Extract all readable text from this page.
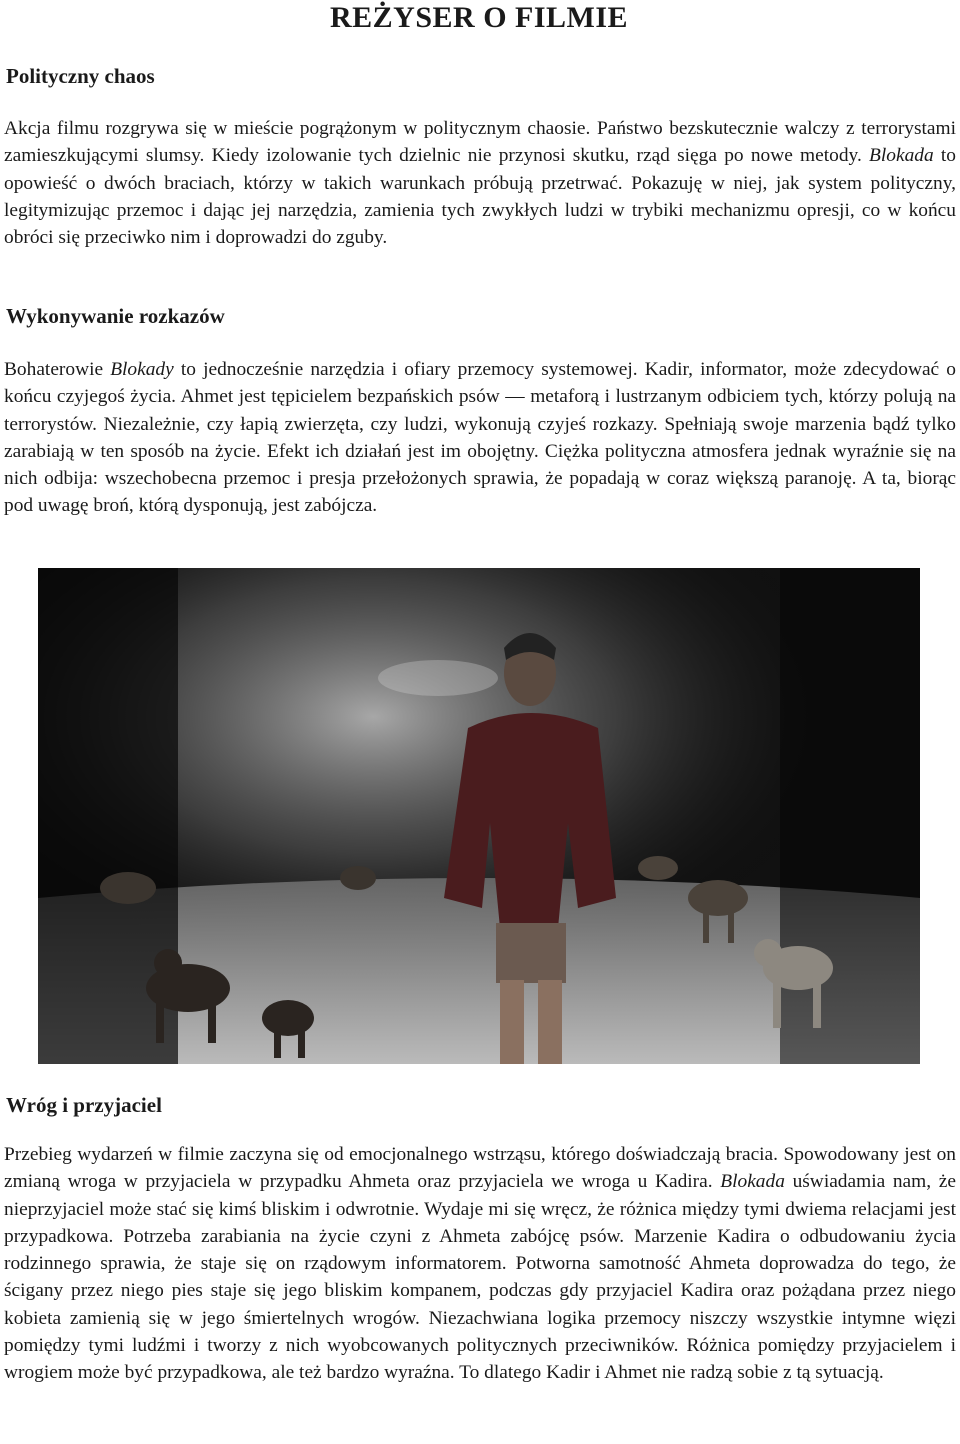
REŻYSER O FILMIE
Polityczny chaos

Akcja filmu rozgrywa się w mieście pogrążonym w politycznym chaosie. Państwo bezskutecznie walczy z terrorystami zamieszkującymi slumsy. Kiedy izolowanie tych dzielnic nie przynosi skutku, rząd sięga po nowe metody. Blokada to opowieść o dwóch braciach, którzy w takich warunkach próbują przetrwać. Pokazuję w niej, jak system polityczny, legitymizując przemoc i dając jej narzędzia, zamienia tych zwykłych ludzi w trybiki mechanizmu opresji, co w końcu obróci się przeciwko nim i doprowadzi do zguby.

Wykonywanie rozkazów

Bohaterowie Blokady to jednocześnie narzędzia i ofiary przemocy systemowej. Kadir, informator, może zdecydować o końcu czyjegoś życia. Ahmet jest tępicielem bezpańskich psów — metaforą i lustrzanym odbiciem tych, którzy polują na terrorystów. Niezależnie, czy łapią zwierzęta, czy ludzi, wykonują czyjeś rozkazy. Spełniają swoje marzenia bądź tylko zarabiają w ten sposób na życie. Efekt ich działań jest im obojętny. Ciężka polityczna atmosfera jednak wyraźnie się na nich odbija: wszechobecna przemoc i presja przełożonych sprawia, że popadają w coraz większą paranoję. A ta, biorąc pod uwagę broń, którą dysponują, jest zabójcza.

Wróg i przyjaciel

Przebieg wydarzeń w filmie zaczyna się od emocjonalnego wstrząsu, którego doświadczają bracia. Spowodowany jest on zmianą wroga w przyjaciela w przypadku Ahmeta oraz przyjaciela we wroga u Kadira. Blokada uświadamia nam, że nieprzyjaciel może stać się kimś bliskim i odwrotnie. Wydaje mi się wręcz, że różnica między tymi dwiema relacjami jest przypadkowa. Potrzeba zarabiania na życie czyni z Ahmeta zabójcę psów. Marzenie Kadira o odbudowaniu życia rodzinnego sprawia, że staje się on rządowym informatorem. Potworna samotność Ahmeta doprowadza do tego, że ścigany przez niego pies staje się jego bliskim kompanem, podczas gdy przyjaciel Kadira oraz pożądana przez niego kobieta zamienią się w jego śmiertelnych wrogów. Niezachwiana logika przemocy niszczy wszystkie intymne więzi pomiędzy tymi ludźmi i tworzy z nich wyobcowanych politycznych przeciwników. Różnica pomiędzy przyjacielem i wrogiem może być przypadkowa, ale też bardzo wyraźna. To dlatego Kadir i Ahmet nie radzą sobie z tą sytuacją.
